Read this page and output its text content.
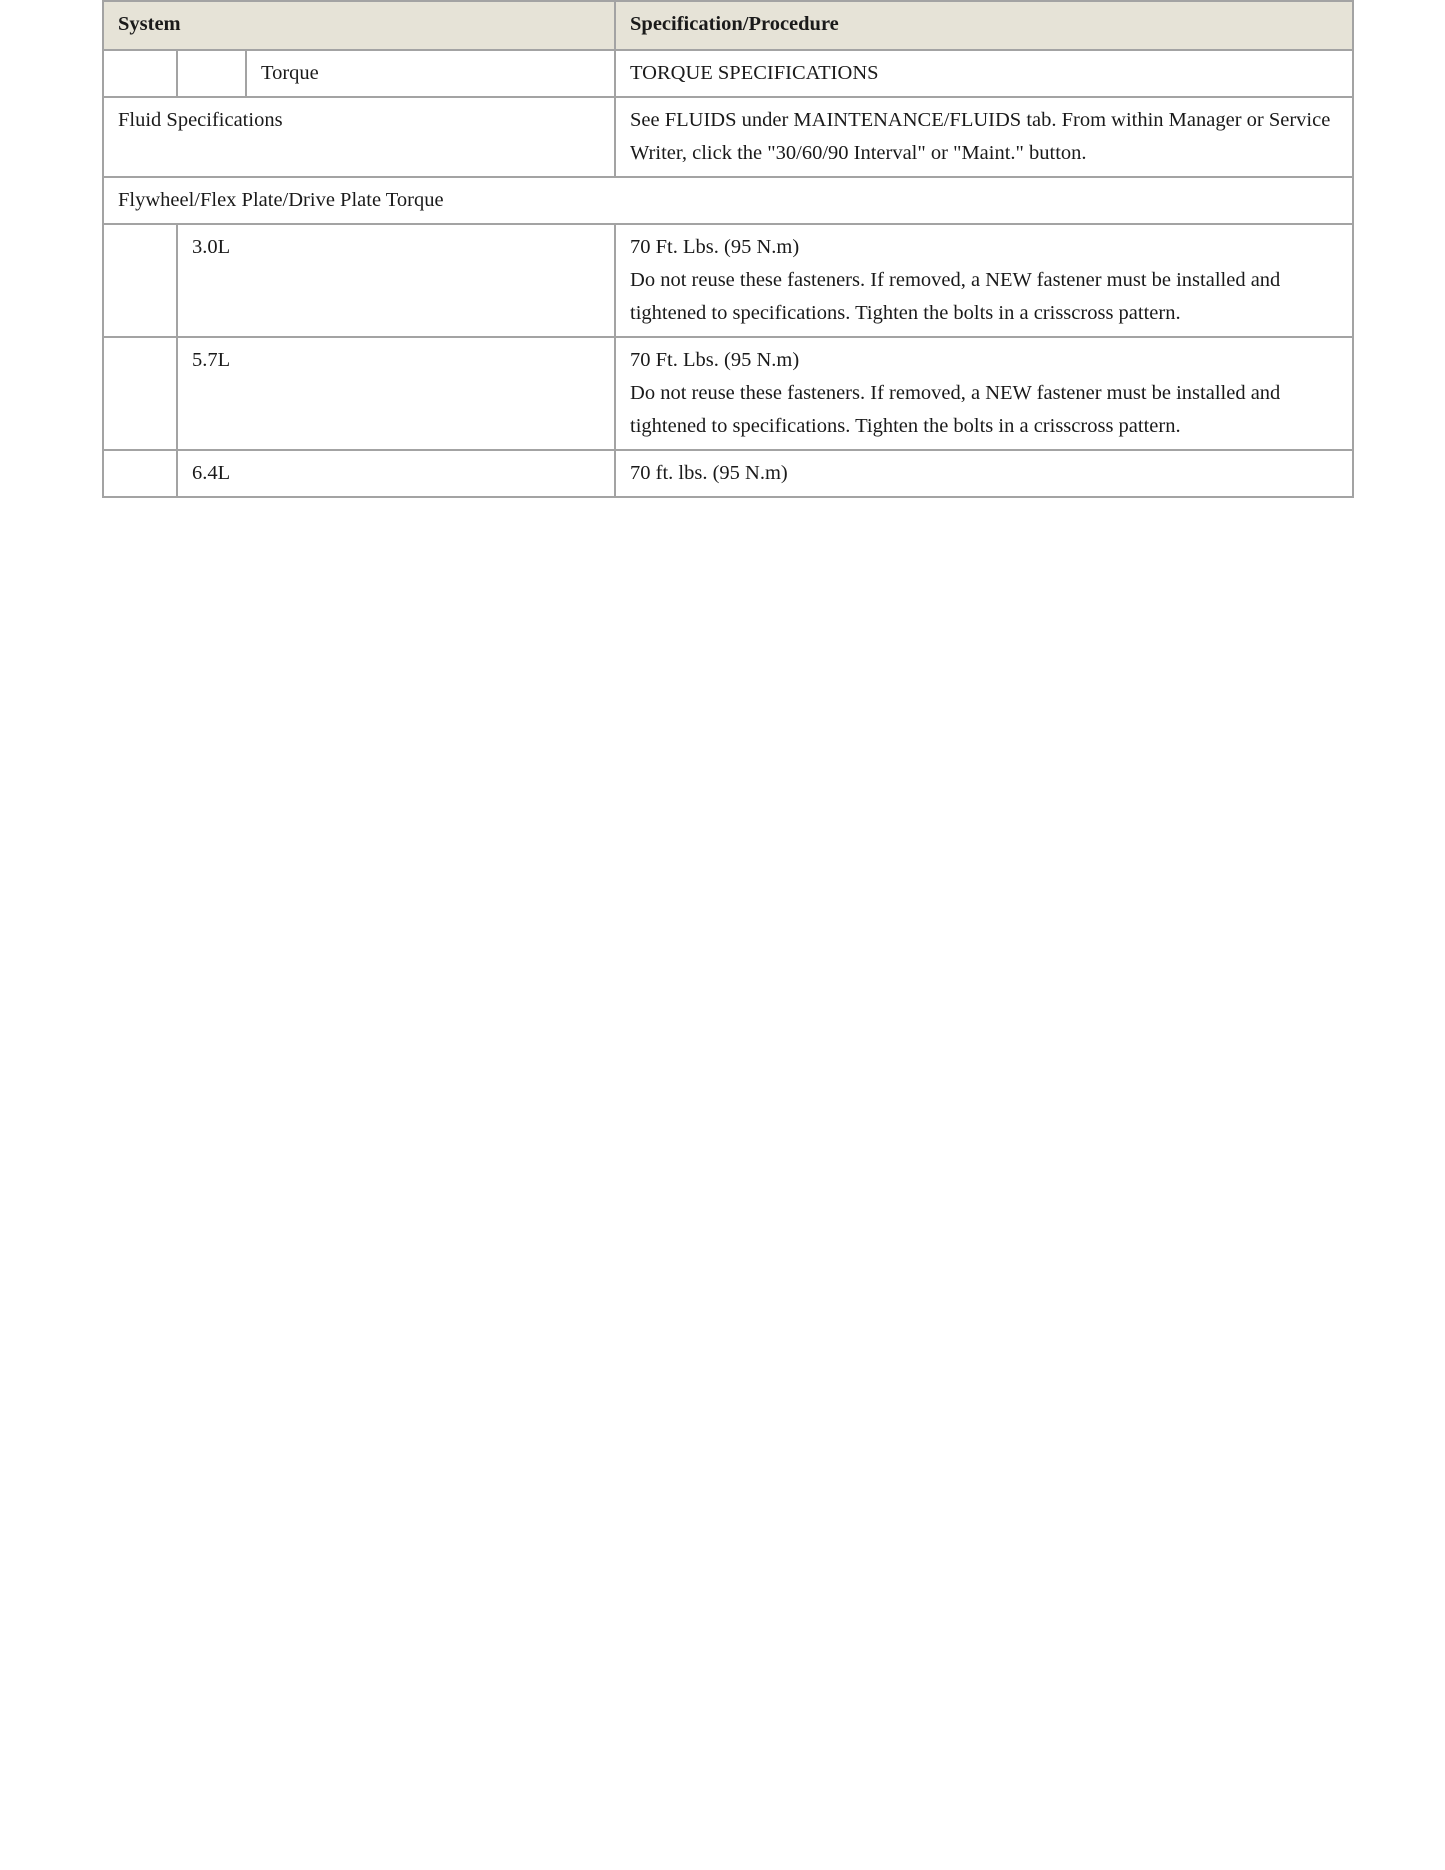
System			Specification/Procedure
		Torque	TORQUE SPECIFICATIONS
Fluid Specifications			See FLUIDS under MAINTENANCE/FLUIDS tab. From within Manager or Service Writer, click the "30/60/90 Interval" or "Maint." button.
Flywheel/Flex Plate/Drive Plate Torque			
	3.0L		70 Ft. Lbs. (95 N.m)
Do not reuse these fasteners. If removed, a NEW fastener must be installed and tightened to specifications. Tighten the bolts in a crisscross pattern.

	5.7L		70 Ft. Lbs. (95 N.m)
Do not reuse these fasteners. If removed, a NEW fastener must be installed and tightened to specifications. Tighten the bolts in a crisscross pattern.

	6.4L		70 ft. lbs. (95 N.m)
